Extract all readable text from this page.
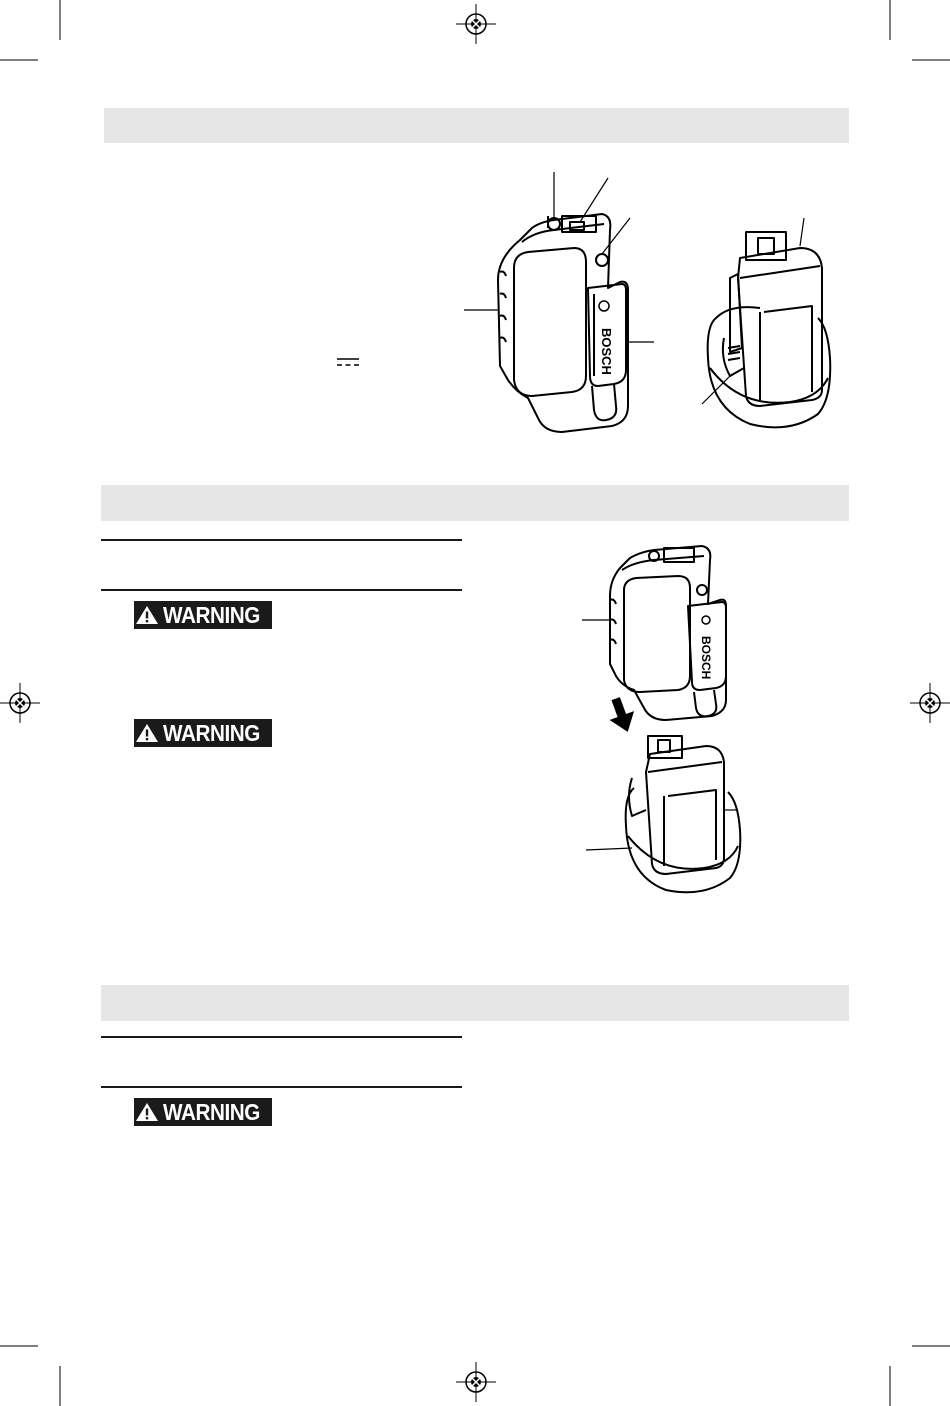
WARNING
WARNING
WARNING
BOSCH
BOSCH
